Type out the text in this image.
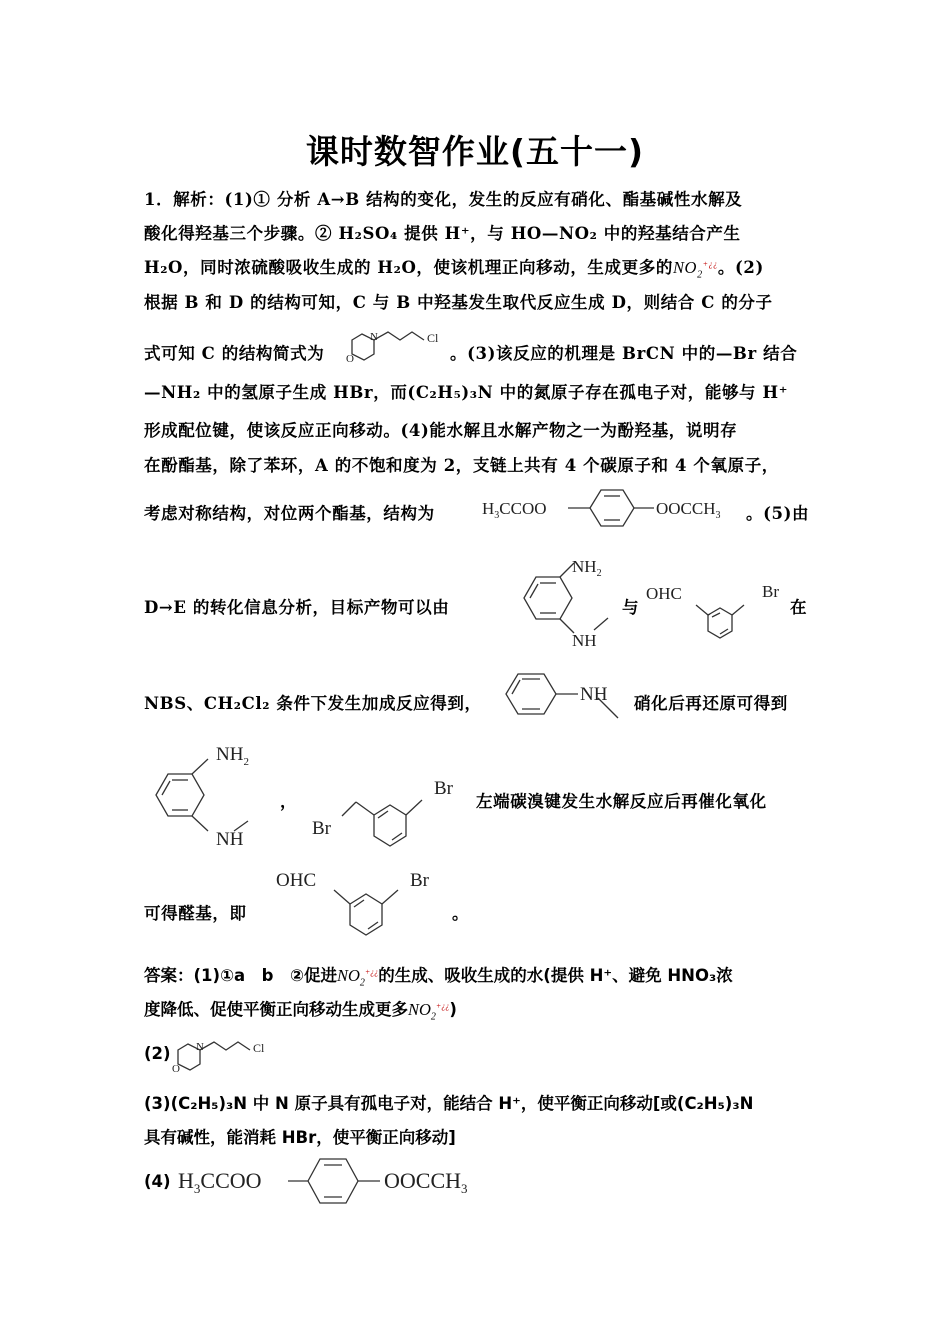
课时数智作业(五十一)
1．解析：(1)① 分析 A→B 结构的变化，发生的反应有硝化、酯基碱性水解及
酸化得羟基三个步骤。② H₂SO₄ 提供 H⁺，与 HO—NO₂ 中的羟基结合产生
H₂O，同时浓硫酸吸收生成的 H₂O，使该机理正向移动，生成更多的$NO_2^{+¿¿}$。(2)
根据 B 和 D 的结构可知，C 与 B 中羟基发生取代反应生成 D，则结合 C 的分子
式可知 C 的结构简式为
N
O
Cl
。(3)该反应的机理是 BrCN 中的—Br 结合
—NH₂ 中的氢原子生成 HBr，而(C₂H₅)₃N 中的氮原子存在孤电子对，能够与 H⁺
形成配位键，使该反应正向移动。(4)能水解且水解产物之一为酚羟基，说明存
在酚酯基，除了苯环，A 的不饱和度为 2，支链上共有 4 个碳原子和 4 个氧原子，
考虑对称结构，对位两个酯基，结构为	$H_3CCOO$	$OOCCH_3$ 。(5)由
D→E 的转化信息分析，目标产物可以由
$NH_2$
NH
与
OHC	Br
在
NBS、CH₂Cl₂ 条件下发生加成反应得到，	NH 硝化后再还原可得到
$NH_2$
NH
，
Br
Br
左端碳溴键发生水解反应后再催化氧化
可得醛基，即
OHC	Br
。
答案：(1)①a　b　②促进$NO_2^{+¿¿}$的生成、吸收生成的水(提供 H⁺、避免 HNO₃浓
度降低、促使平衡正向移动生成更多$NO_2^{+¿¿}$)
(2) N
O
Cl
(3)(C₂H₅)₃N 中 N 原子具有孤电子对，能结合 H⁺，使平衡正向移动[或(C₂H₅)₃N
具有碱性，能消耗 HBr，使平衡正向移动]
(4) $H_3CCOO$	$OOCCH_3$
